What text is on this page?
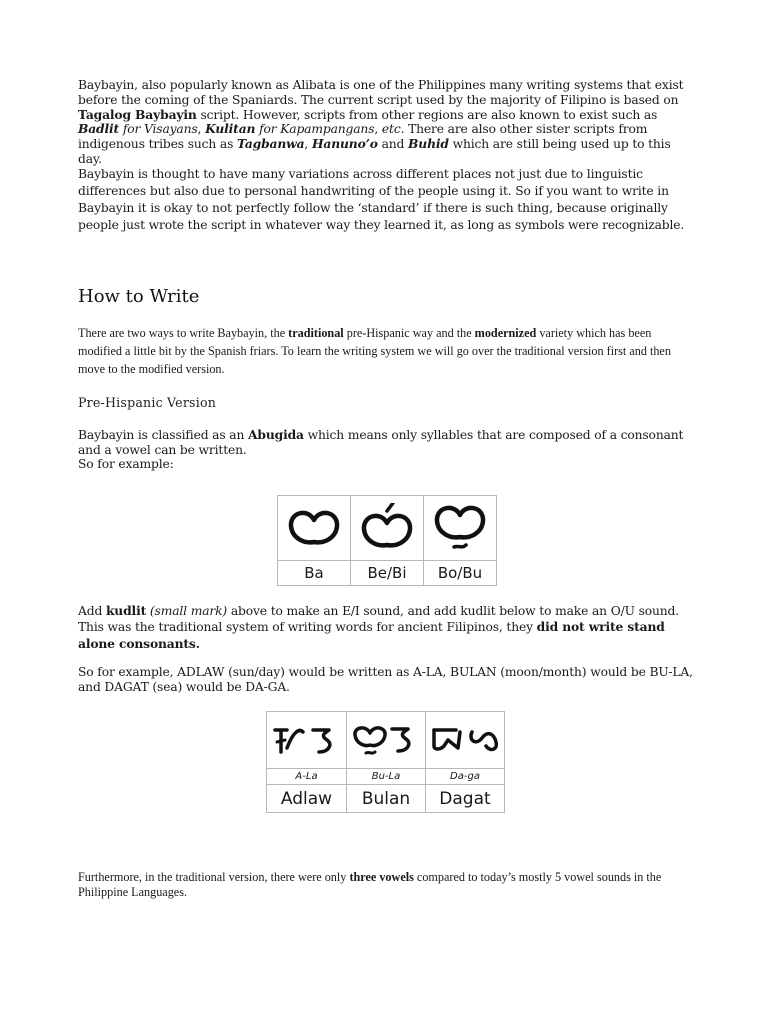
Baybayin, also popularly known as Alibata is one of the Philippines many writing systems that exist before the coming of the Spaniards. The current script used by the majority of Filipino is based on Tagalog Baybayin script. However, scripts from other regions are also known to exist such as Badlit for Visayans, Kulitan for Kapampangans, etc. There are also other sister scripts from indigenous tribes such as Tagbanwa, Hanuno’o and Buhid which are still being used up to this day.

Baybayin is thought to have many variations across different places not just due to linguistic differences but also due to personal handwriting of the people using it. So if you want to write in Baybayin it is okay to not perfectly follow the ‘standard’ if there is such thing, because originally people just wrote the script in whatever way they learned it, as long as symbols were recognizable.

How to Write

There are two ways to write Baybayin, the traditional pre-Hispanic way and the modernized variety which has been modified a little bit by the Spanish friars. To learn the writing system we will go over the traditional version first and then move to the modified version.

Pre-Hispanic Version

Baybayin is classified as an Abugida which means only syllables that are composed of a consonant and a vowel can be written.
So for example:

Ba	Be/Bi	Bo/Bu

Add kudlit (small mark) above to make an E/I sound, and add kudlit below to make an O/U sound. This was the traditional system of writing words for ancient Filipinos, they did not write stand alone consonants.

So for example, ADLAW (sun/day) would be written as A-LA, BULAN (moon/month) would be BU-LA, and DAGAT (sea) would be DA-GA.

A-La	Bu-La	Da-ga
Adlaw	Bulan	Dagat

Furthermore, in the traditional version, there were only three vowels compared to today’s mostly 5 vowel sounds in the Philippine Languages.
